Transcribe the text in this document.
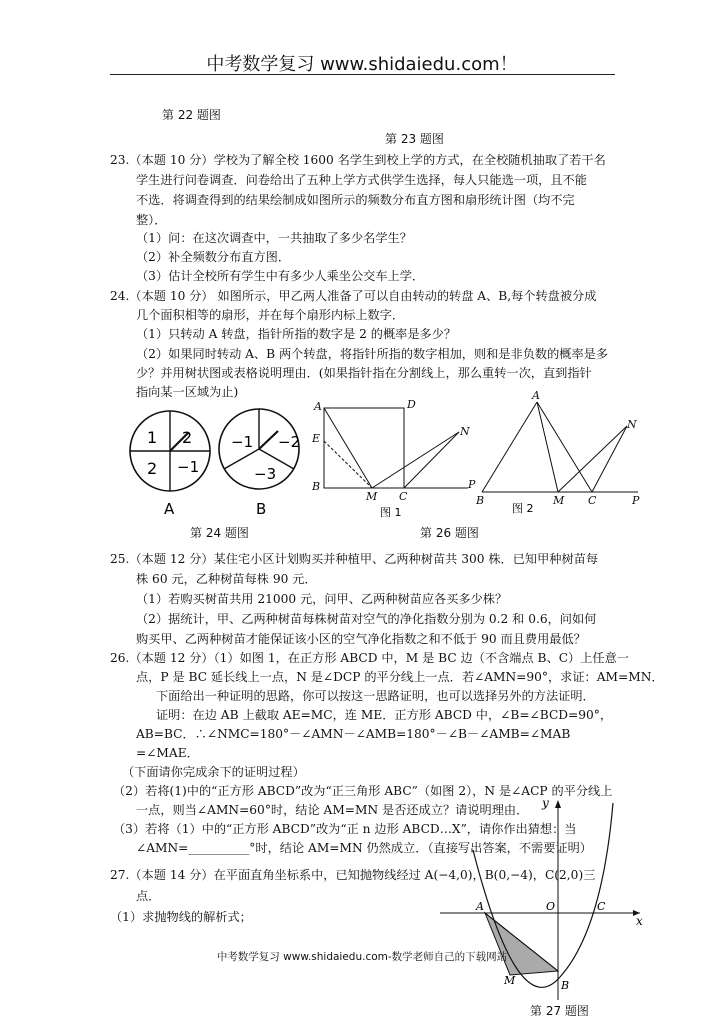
中考数学复习 www.shidaiedu.com！
第 22 题图
第 23 题图
23.（本题 10 分）学校为了解全校 1600 名学生到校上学的方式，在全校随机抽取了若干名
学生进行问卷调查．问卷给出了五种上学方式供学生选择，每人只能选一项，且不能
不选．将调查得到的结果绘制成如图所示的频数分布直方图和扇形统计图（均不完
整）．
（1）问：在这次调查中，一共抽取了多少名学生？
（2）补全频数分布直方图．
（3）估计全校所有学生中有多少人乘坐公交车上学．
24.（本题 10 分） 如图所示，甲乙两人准备了可以自由转动的转盘 A、B,每个转盘被分成
几个面积相等的扇形，并在每个扇形内标上数字．
（1）只转动 A 转盘，指针所指的数字是 2 的概率是多少？
（2）如果同时转动 A、B 两个转盘，将指针所指的数字相加，则和是非负数的概率是多
少？并用树状图或表格说明理由．(如果指针指在分割线上，那么重转一次，直到指针
指向某一区域为止)
1 2
2 −1
A
−1 −2
−3
B
A	D
E
N
B
M C
P
A
N
B	M C	P
图 1	图 2
第 24 题图	第 26 题图
25.（本题 12 分）某住宅小区计划购买并种植甲、乙两种树苗共 300 株．已知甲种树苗每
株 60 元，乙种树苗每株 90 元．
（1）若购买树苗共用 21000 元，问甲、乙两种树苗应各买多少株？
（2）据统计，甲、乙两种树苗每株树苗对空气的净化指数分别为 0.2 和 0.6，问如何
购买甲、乙两种树苗才能保证该小区的空气净化指数之和不低于 90 而且费用最低？
26.（本题 12 分）（1）如图 1，在正方形 ABCD 中，M 是 BC 边（不含端点 B、C）上任意一
点，P 是 BC 延长线上一点，N 是∠DCP 的平分线上一点．若∠AMN=90°，求证：AM=MN．
下面给出一种证明的思路，你可以按这一思路证明，也可以选择另外的方法证明．
证明：在边 AB 上截取 AE=MC，连 ME．正方形 ABCD 中，∠B=∠BCD=90°，
AB=BC．∴∠NMC=180°－∠AMN－∠AMB=180°－∠B－∠AMB=∠MAB
=∠MAE．
（下面请你完成余下的证明过程）
（2）若将(1)中的“正方形 ABCD”改为“正三角形 ABC”（如图 2），N 是∠ACP 的平分线上
一点，则当∠AMN=60°时，结论 AM=MN 是否还成立？请说明理由．
（3）若将（1）中的“正方形 ABCD”改为“正 n 边形 ABCD…X”，请你作出猜想：当
∠AMN=__________°时，结论 AM=MN 仍然成立．（直接写出答案，不需要证明）
27.（本题 14 分）在平面直角坐标系中，已知抛物线经过 A(−4,0)，B(0,−4)，C(2,0)三
点．
（1）求抛物线的解析式；
y
x
A	O	C
M	B
中考数学复习 www.shidaiedu.com-数学老师自己的下载网站
第 27 题图
